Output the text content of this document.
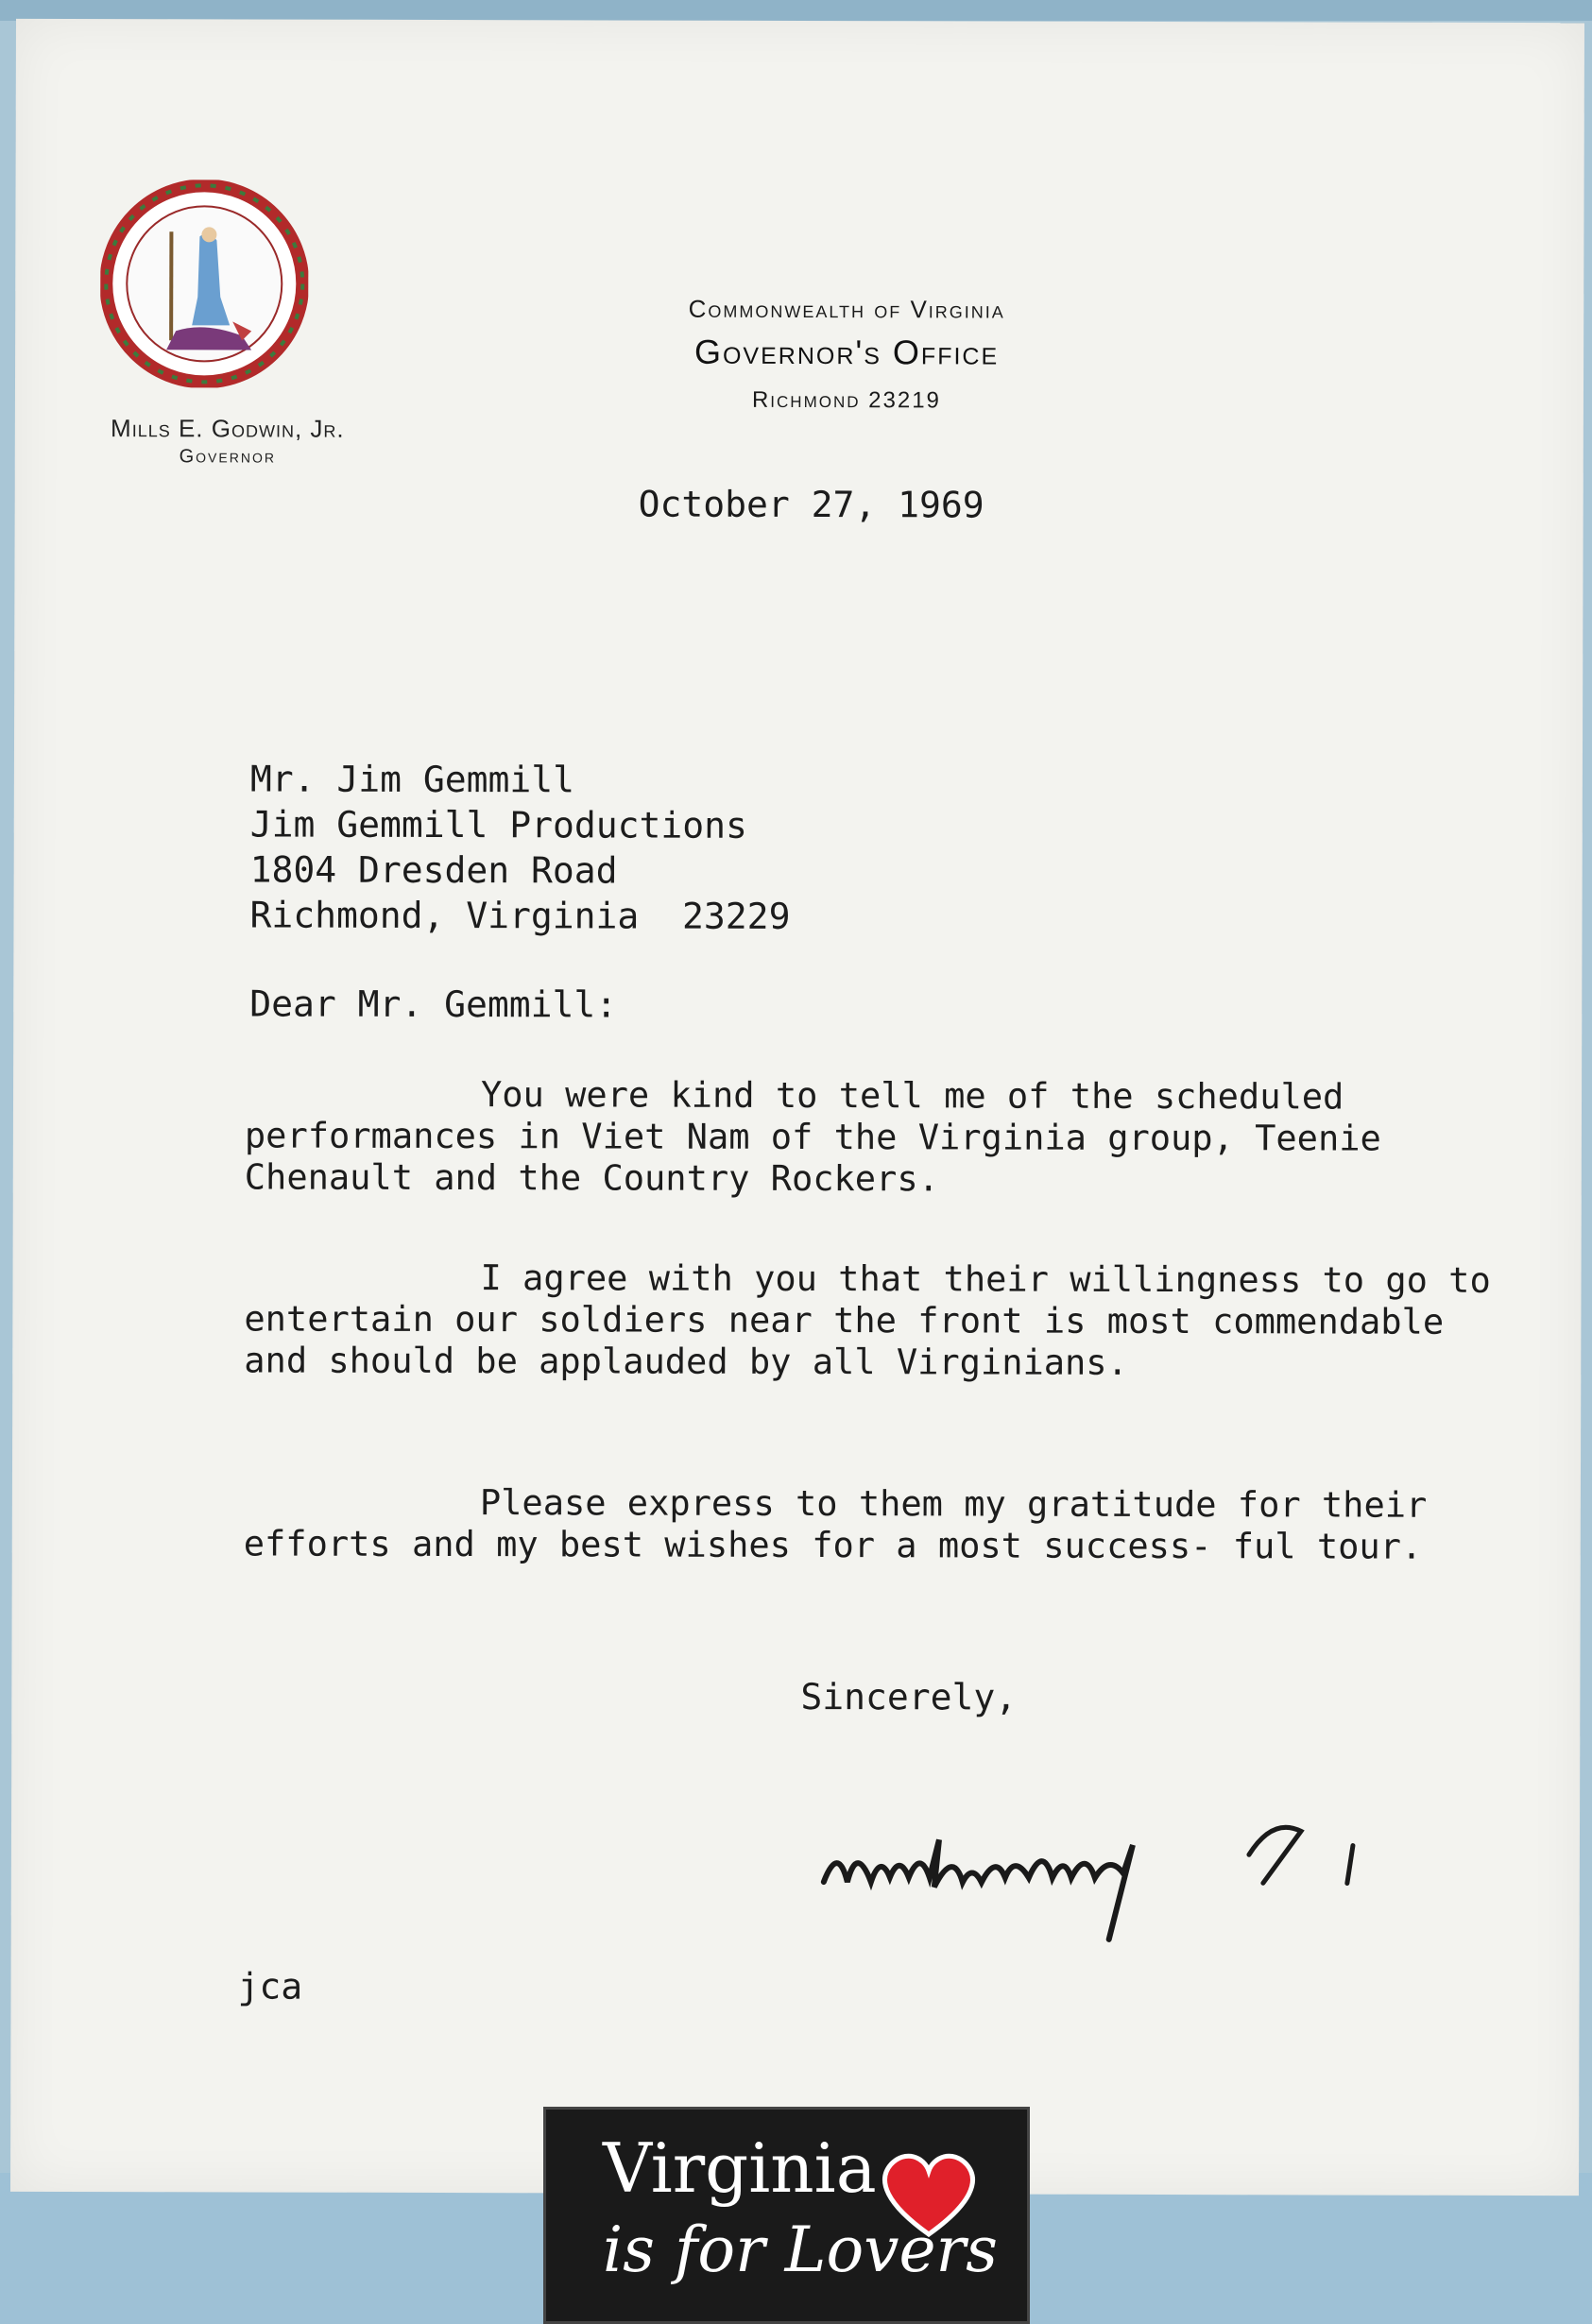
Mills E. Godwin, Jr.
Governor
Commonwealth of Virginia
Governor's Office
Richmond 23219
October 27, 1969
Mr. Jim Gemmill
Jim Gemmill Productions
1804 Dresden Road
Richmond, Virginia  23229
Dear Mr. Gemmill:
You were kind to tell me of the scheduled performances in Viet Nam of the Virginia group, Teenie Chenault and the Country Rockers.
I agree with you that their willingness to go to entertain our soldiers near the front is most commendable and should be applauded by all Virginians.
Please express to them my gratitude for their efforts and my best wishes for a most success- ful tour.
Sincerely,
jca
Virginia
is for Lovers
